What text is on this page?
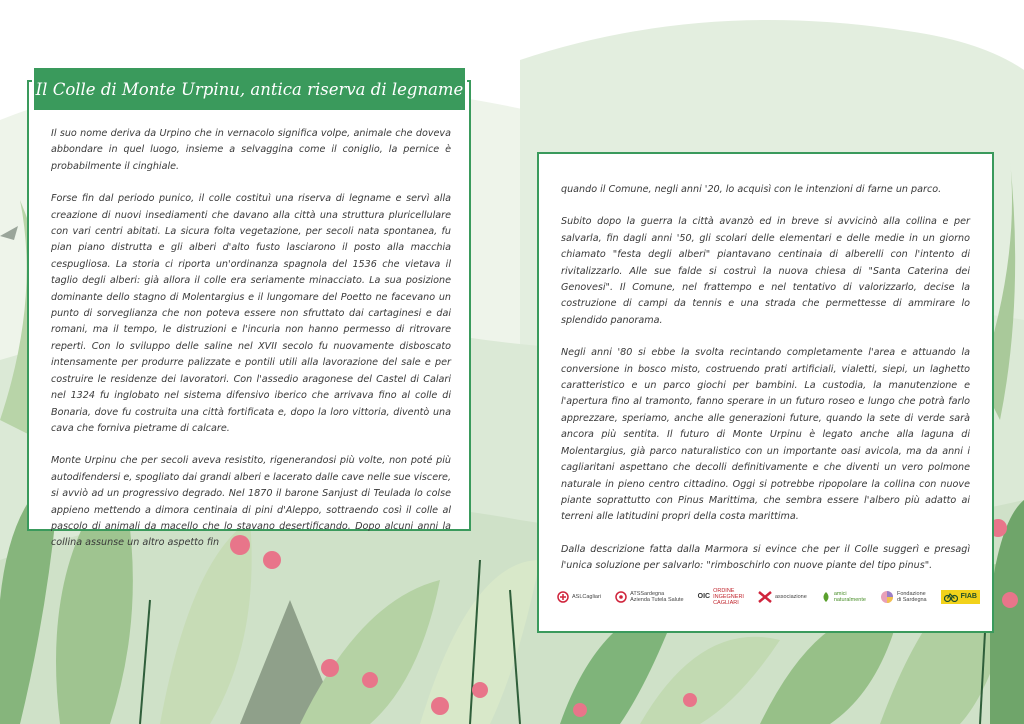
Il suo nome deriva da Urpino che in vernacolo significa volpe, animale che doveva abbondare in quel luogo, insieme a selvaggina come il coniglio, la pernice è probabilmente il cinghiale.

Forse fin dal periodo punico, il colle costituì una riserva di legname e servì alla creazione di nuovi insediamenti che davano alla città una struttura pluricellulare con vari centri abitati. La sicura folta vegetazione, per secoli nata spontanea, fu pian piano distrutta e gli alberi d'alto fusto lasciarono il posto alla macchia cespugliosa. La storia ci riporta un'ordinanza spagnola del 1536 che vietava il taglio degli alberi: già allora il colle era seriamente minacciato. La sua posizione dominante dello stagno di Molentargius e il lungomare del Poetto ne facevano un punto di sorveglianza che non poteva essere non sfruttato dai cartaginesi e dai romani, ma il tempo, le distruzioni e l'incuria non hanno permesso di ritrovare reperti. Con lo sviluppo delle saline nel XVII secolo fu nuovamente disboscato intensamente per produrre palizzate e pontili utili alla lavorazione del sale e per costruire le residenze dei lavoratori. Con l'assedio aragonese del Castel di Calari nel 1324 fu inglobato nel sistema difensivo iberico che arrivava fino al colle di Bonaria, dove fu costruita una città fortificata e, dopo la loro vittoria, diventò una cava che forniva pietrame di calcare.

Monte Urpinu che per secoli aveva resistito, rigenerandosi più volte, non poté più autodifendersi e, spogliato dai grandi alberi e lacerato dalle cave nelle sue viscere, si avviò ad un progressivo degrado. Nel 1870 il barone Sanjust di Teulada lo colse appieno mettendo a dimora centinaia di pini d'Aleppo, sottraendo così il colle al pascolo di animali da macello che lo stavano desertificando. Dopo alcuni anni la collina assunse un altro aspetto fin

Il Colle di Monte Urpinu, antica riserva di legname

quando il Comune, negli anni '20, lo acquisì con le intenzioni di farne un parco.

Subito dopo la guerra la città avanzò ed in breve si avvicinò alla collina e per salvarla, fin dagli anni '50, gli scolari delle elementari e delle medie in un giorno chiamato "festa degli alberi" piantavano centinaia di alberelli con l'intento di rivitalizzarlo. Alle sue falde si costruì la nuova chiesa di "Santa Caterina dei Genovesi". Il Comune, nel frattempo e nel tentativo di valorizzarlo, decise la costruzione di campi da tennis e una strada che permettesse di ammirare lo splendido panorama.

Negli anni '80 si ebbe la svolta recintando completamente l'area e attuando la conversione in bosco misto, costruendo prati artificiali, vialetti, siepi, un laghetto caratteristico e un parco giochi per bambini. La custodia, la manutenzione e l'apertura fino al tramonto, fanno sperare in un futuro roseo e lungo che potrà farlo apprezzare, speriamo, anche alle generazioni future, quando la sete di verde sarà ancora più sentita. Il futuro di Monte Urpinu è legato anche alla laguna di Molentargius, già parco naturalistico con un importante oasi avicola, ma da anni i cagliaritani aspettano che decolli definitivamente e che diventi un vero polmone naturale in pieno centro cittadino. Oggi si potrebbe ripopolare la collina con nuove piante soprattutto con Pinus Marittima, che sembra essere l'albero più adatto ai terreni alle latitudini propri della costa marittima.

Dalla descrizione fatta dalla Marmora si evince che per il Colle suggerì e presagì l'unica soluzione per salvarlo: "rimboschirlo con nuove piante del tipo pinus".

ASLCagliari	ATSSardegna
Azienda Tutela Salute OIC
ORDINE
INGEGNERI
CAGLIARI
associazione	amici
naturalmente
Fondazione
di Sardegna	FIAB
